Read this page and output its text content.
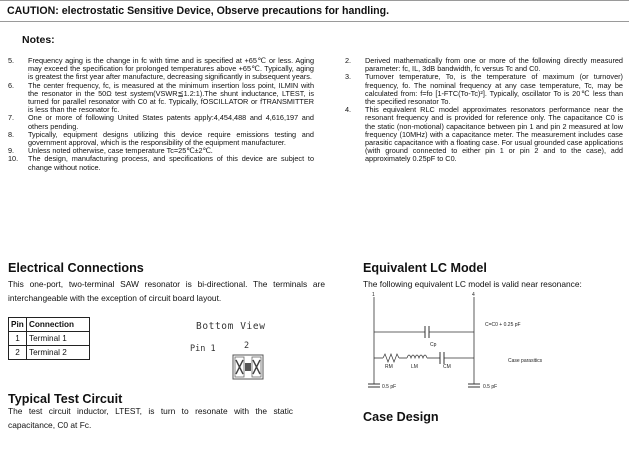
CAUTION: electrostatic Sensitive Device, Observe precautions for handling.
Notes:
5.	Frequency aging is the change in fc with time and is specified at +65℃ or less. Aging may exceed the specification for prolonged temperatures above +65℃. Typically, aging is greatest the first year after manufacture, decreasing significantly in subsequent years.
6.	The center frequency, fc, is measured at the minimum insertion loss point, ILMIN with the resonator in the 50Ω test system(VSWR≦1.2:1).The shunt inductance, LTEST, is turned for parallel resonator with C0 at fc. Typically, fOSCILLATOR or fTRANSMITTER is less than the resonator fc.
7.	One or more of following United States patents apply:4,454,488 and 4,616,197 and others pending.
8.	Typically, equipment designs utilizing this device require emissions testing and government approval, which is the responsibility of the equipment manufacturer.
9.	Unless noted otherwise, case temperature Tc=25℃±2℃.
10.	The design, manufacturing process, and specifications of this device are subject to change without notice.
2.	Derived mathematically from one or more of the following directly measured parameter: fc, IL, 3dB bandwidth, fc versus Tc and C0.
3.	Turnover temperature, To, is the temperature of maximum (or turnover) frequency, fo. The nominal frequency at any case temperature, Tc, may be calculated from: f=fo [1-FTC(To-Tc)²]. Typically, oscillator To is 20℃ less than the specified resonator To.
4.	This equivalent RLC model approximates resonators performance near the resonant frequency and is provided for reference only. The capacitance C0 is the static (non-motional) capacitance between pin 1 and pin 2 measured at low frequency (10MHz) with a capacitance meter. The measurement includes case parasitic capacitance with a floating case. For usual grounded case applications (with ground connected to either pin 1 or pin 2 and to the case), add approximately 0.25pF to C0.
Electrical Connections
This one-port, two-terminal SAW resonator is bi-directional. The terminals are interchangeable with the exception of circuit board layout.
Pin	Connection
1	Terminal 1
2	Terminal 2
Bottom View
Pin 1	2
Typical Test Circuit
The test circuit inductor, LTEST, is turn to resonate with the static capacitance, C0 at Fc.
Equivalent LC Model
The following equivalent LC model is valid near resonance:
1	4
Cp
RM	LM	CM
C=C0 + 0.25 pF
Case parasitics
0.5 pF	0.5 pF
Case Design
